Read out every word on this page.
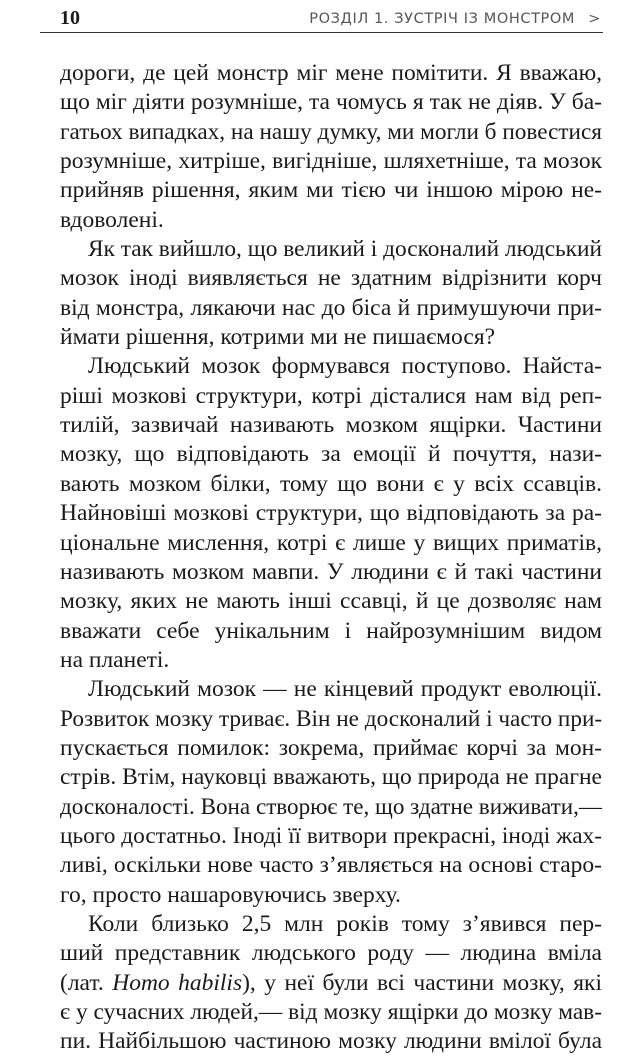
10	РОЗДІЛ 1. ЗУСТРІЧ ІЗ МОНСТРОМ >
дороги, де цей монстр міг мене помітити. Я вважаю,
що міг діяти розумніше, та чомусь я так не діяв. У ба-
гатьох випадках, на нашу думку, ми могли б повестися
розумніше, хитріше, вигідніше, шляхетніше, та мозок
прийняв рішення, яким ми тією чи іншою мірою не-
вдоволені.
Як так вийшло, що великий і досконалий людський
мозок іноді виявляється не здатним відрізнити корч
від монстра, лякаючи нас до біса й примушуючи при-
ймати рішення, котрими ми не пишаємося?
Людський мозок формувався поступово. Найста-
ріші мозкові структури, котрі дісталися нам від реп-
тилій, зазвичай називають мозком ящірки. Частини
мозку, що відповідають за емоції й почуття, нази-
вають мозком білки, тому що вони є у всіх ссавців.
Найновіші мозкові структури, що відповідають за ра-
ціональне мислення, котрі є лише у вищих приматів,
називають мозком мавпи. У людини є й такі частини
мозку, яких не мають інші ссавці, й це дозволяє нам
вважати себе унікальним і найрозумнішим видом
на планеті.
Людський мозок — не кінцевий продукт еволюції.
Розвиток мозку триває. Він не досконалий і часто при-
пускається помилок: зокрема, приймає корчі за мон-
стрів. Втім, науковці вважають, що природа не прагне
досконалості. Вона створює те, що здатне виживати,—
цього достатньо. Іноді її витвори прекрасні, іноді жах-
ливі, оскільки нове часто з’являється на основі старо-
го, просто нашаровуючись зверху.
Коли близько 2,5 млн років тому з’явився пер-
ший представник людського роду — людина вміла
(лат. Homo habilis), у неї були всі частини мозку, які
є у сучасних людей,— від мозку ящірки до мозку мав-
пи. Найбільшою частиною мозку людини вмілої була
